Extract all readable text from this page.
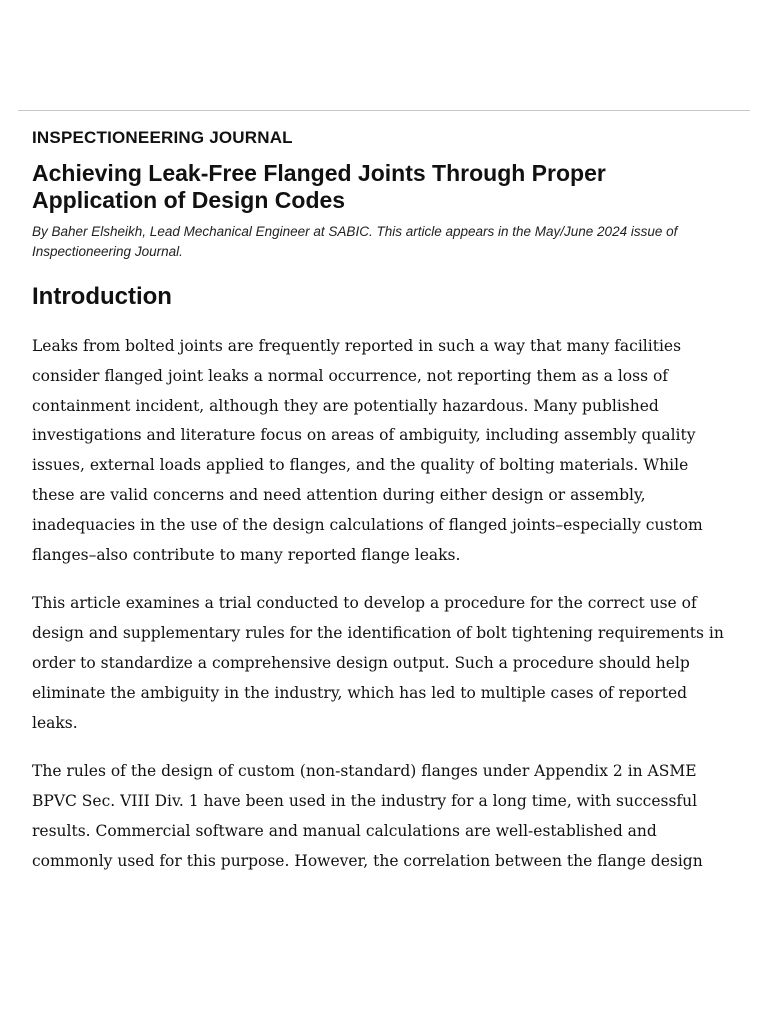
INSPECTIONEERING JOURNAL

Achieving Leak-Free Flanged Joints Through Proper Application of Design Codes

By Baher Elsheikh, Lead Mechanical Engineer at SABIC. This article appears in the May/June 2024 issue of Inspectioneering Journal.

Introduction

Leaks from bolted joints are frequently reported in such a way that many facilities consider flanged joint leaks a normal occurrence, not reporting them as a loss of containment incident, although they are potentially hazardous. Many published investigations and literature focus on areas of ambiguity, including assembly quality issues, external loads applied to flanges, and the quality of bolting materials. While these are valid concerns and need attention during either design or assembly, inadequacies in the use of the design calculations of flanged joints–especially custom flanges–also contribute to many reported flange leaks.

This article examines a trial conducted to develop a procedure for the correct use of design and supplementary rules for the identification of bolt tightening requirements in order to standardize a comprehensive design output. Such a procedure should help eliminate the ambiguity in the industry, which has led to multiple cases of reported leaks.

The rules of the design of custom (non-standard) flanges under Appendix 2 in ASME BPVC Sec. VIII Div. 1 have been used in the industry for a long time, with successful results. Commercial software and manual calculations are well-established and commonly used for this purpose. However, the correlation between the flange design
